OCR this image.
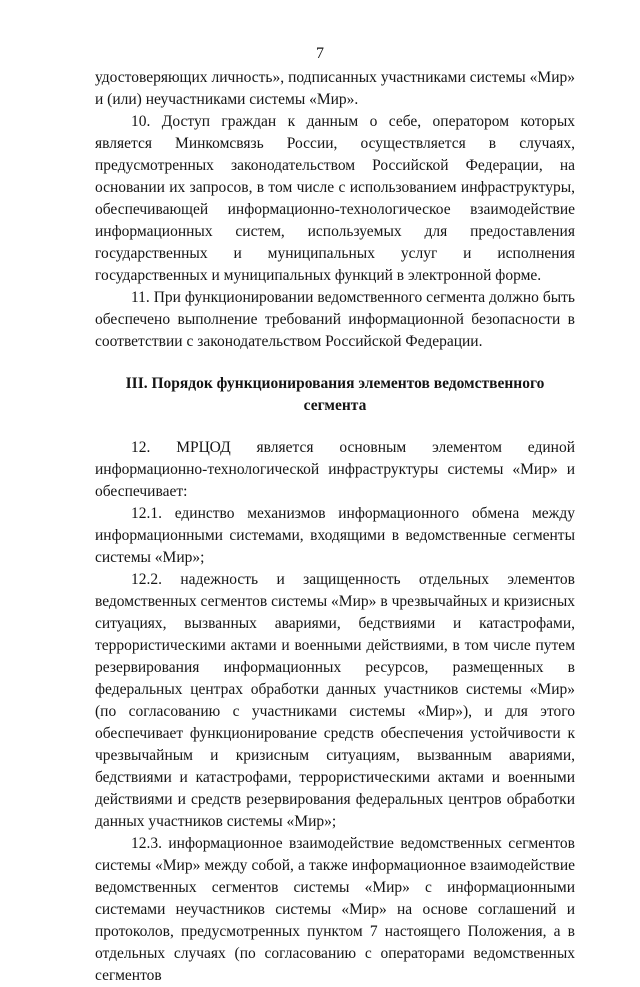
7

удостоверяющих личность», подписанных участниками системы «Мир» и (или) неучастниками системы «Мир».

10. Доступ граждан к данным о себе, оператором которых является Минкомсвязь России, осуществляется в случаях, предусмотренных законодательством Российской Федерации, на основании их запросов, в том числе с использованием инфраструктуры, обеспечивающей информационно-технологическое взаимодействие информационных систем, используемых для предоставления государственных и муниципальных услуг и исполнения государственных и муниципальных функций в электронной форме.

11. При функционировании ведомственного сегмента должно быть обеспечено выполнение требований информационной безопасности в соответствии с законодательством Российской Федерации.

III. Порядок функционирования элементов ведомственного сегмента

12. МРЦОД является основным элементом единой информационно-технологической инфраструктуры системы «Мир» и обеспечивает:

12.1. единство механизмов информационного обмена между информационными системами, входящими в ведомственные сегменты системы «Мир»;

12.2. надежность и защищенность отдельных элементов ведомственных сегментов системы «Мир» в чрезвычайных и кризисных ситуациях, вызванных авариями, бедствиями и катастрофами, террористическими актами и военными действиями, в том числе путем резервирования информационных ресурсов, размещенных в федеральных центрах обработки данных участников системы «Мир» (по согласованию с участниками системы «Мир»), и для этого обеспечивает функционирование средств обеспечения устойчивости к чрезвычайным и кризисным ситуациям, вызванным авариями, бедствиями и катастрофами, террористическими актами и военными действиями и средств резервирования федеральных центров обработки данных участников системы «Мир»;

12.3. информационное взаимодействие ведомственных сегментов системы «Мир» между собой, а также информационное взаимодействие ведомственных сегментов системы «Мир» с информационными системами неучастников системы «Мир» на основе соглашений и протоколов, предусмотренных пунктом 7 настоящего Положения, а в отдельных случаях (по согласованию с операторами ведомственных сегментов
